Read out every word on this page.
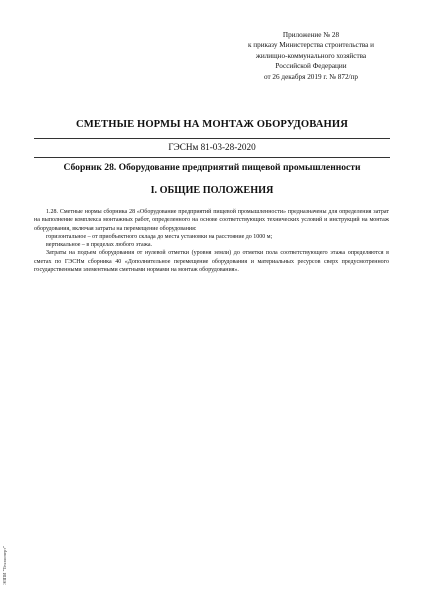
Приложение № 28
к приказу Министерства строительства и
жилищно-коммунального хозяйства
Российской Федерации
от 26 декабря 2019 г. № 872/пр
СМЕТНЫЕ НОРМЫ НА МОНТАЖ ОБОРУДОВАНИЯ
ГЭСНм 81-03-28-2020
Сборник 28. Оборудование предприятий пищевой промышленности
I. ОБЩИЕ ПОЛОЖЕНИЯ

1.28. Сметные нормы сборника 28 «Оборудование предприятий пищевой промышленности» предназначены для определения затрат на выполнение комплекса монтажных работ, определенного на основе соответствующих технических условий и инструкций на монтаж оборудования, включая затраты на перемещение оборудования:

горизонтальное – от приобъектного склада до места установки на расстояние до 1000 м;

вертикальное – в пределах любого этажа.

Затраты на подъем оборудования от нулевой отметки (уровня земли) до отметки пола соответствующего этажа определяются в сметах по ГЭСНм сборника 40 «Дополнительное перемещение оборудования и материальных ресурсов сверх предусмотренного государственными элементными сметными нормами на монтаж оборудования».

ЭЛПИ "Техэксперт"
